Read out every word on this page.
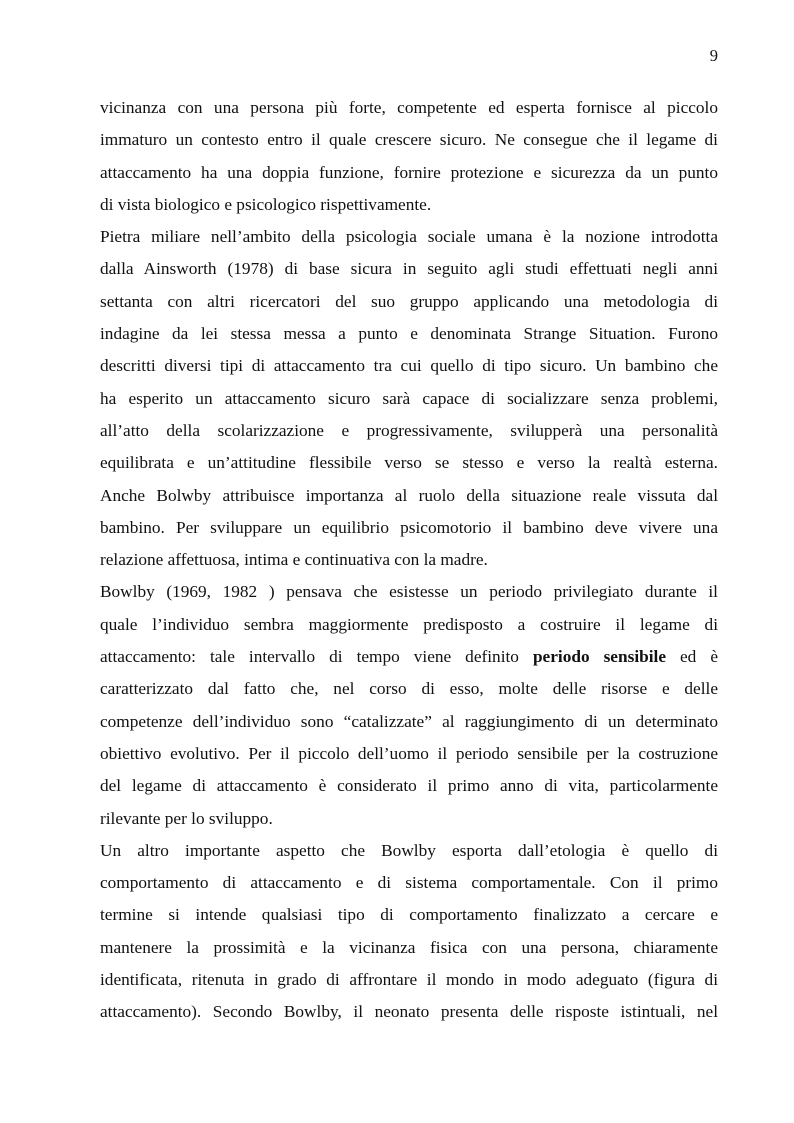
9
vicinanza con una persona più forte, competente ed esperta fornisce al piccolo
immaturo un contesto entro il quale crescere sicuro. Ne consegue che il legame di
attaccamento ha una doppia funzione, fornire protezione e sicurezza da un punto
di vista biologico e psicologico rispettivamente.
Pietra miliare nell’ambito della psicologia sociale umana è la nozione introdotta
dalla Ainsworth (1978) di base sicura in seguito agli studi effettuati negli anni
settanta con altri ricercatori del suo gruppo applicando una metodologia di
indagine da lei stessa messa a punto e denominata Strange Situation. Furono
descritti diversi tipi di attaccamento tra cui quello di tipo sicuro. Un bambino che
ha esperito un attaccamento sicuro sarà capace di socializzare senza problemi,
all’atto della scolarizzazione e progressivamente, svilupperà una personalità
equilibrata e un’attitudine flessibile verso se stesso e verso la realtà esterna.
Anche Bolwby attribuisce importanza al ruolo della situazione reale vissuta dal
bambino. Per sviluppare un equilibrio psicomotorio il bambino deve vivere una
relazione affettuosa, intima e continuativa con la madre.
Bowlby (1969, 1982 ) pensava che esistesse un periodo privilegiato durante il
quale l’individuo sembra maggiormente predisposto a costruire il legame di
attaccamento: tale intervallo di tempo viene definito periodo sensibile ed è
caratterizzato dal fatto che, nel corso di esso, molte delle risorse e delle
competenze dell’individuo sono “catalizzate” al raggiungimento di un determinato
obiettivo evolutivo. Per il piccolo dell’uomo il periodo sensibile per la costruzione
del legame di attaccamento è considerato il primo anno di vita, particolarmente
rilevante per lo sviluppo.
Un altro importante aspetto che Bowlby esporta dall’etologia è quello di
comportamento di attaccamento e di sistema comportamentale. Con il primo
termine si intende qualsiasi tipo di comportamento finalizzato a cercare e
mantenere la prossimità e la vicinanza fisica con una persona, chiaramente
identificata, ritenuta in grado di affrontare il mondo in modo adeguato (figura di
attaccamento). Secondo Bowlby, il neonato presenta delle risposte istintuali, nel
